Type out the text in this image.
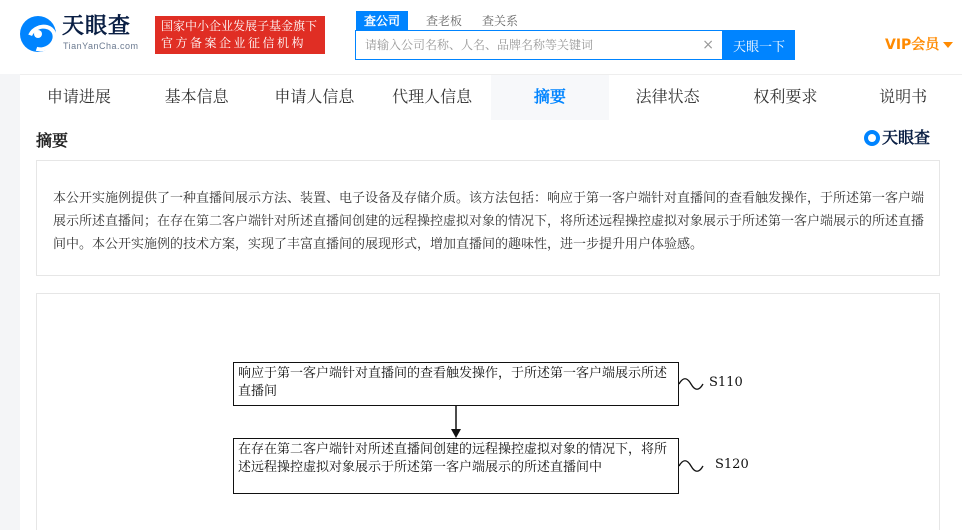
天眼查
TianYanCha.com
国家中小企业发展子基金旗下
官方备案企业征信机构
查公司	查老板 查关系
请输入公司名称、人名、品牌名称等关键词
×	天眼一下	VIP会员
申请进展	基本信息	申请人信息	代理人信息	摘要	法律状态	权利要求	说明书
摘要	天眼查

本公开实施例提供了一种直播间展示方法、装置、电子设备及存储介质。该方法包括：响应于第一客户端针对直播间的查看触发操作，于所述第一客户端展示所述直播间；在存在第二客户端针对所述直播间创建的远程操控虚拟对象的情况下，将所述远程操控虚拟对象展示于所述第一客户端展示的所述直播间中。本公开实施例的技术方案，实现了丰富直播间的展现形式，增加直播间的趣味性，进一步提升用户体验感。

响应于第一客户端针对直播间的查看触发操作，于所述第一客户端展示所述直播间
S110
在存在第二客户端针对所述直播间创建的远程操控虚拟对象的情况下，将所述远程操控虚拟对象展示于所述第一客户端展示的所述直播间中	S120
